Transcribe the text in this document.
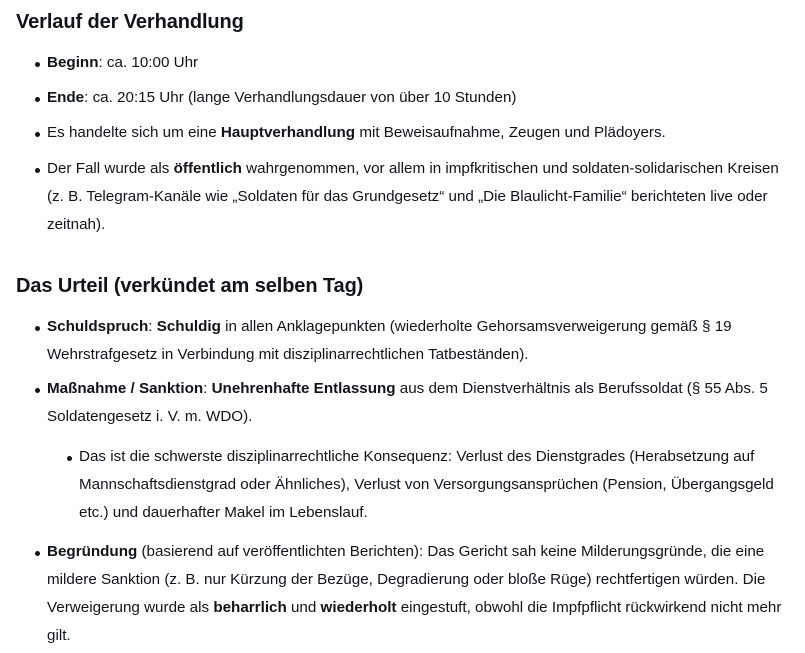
Verlauf der Verhandlung
Beginn: ca. 10:00 Uhr
Ende: ca. 20:15 Uhr (lange Verhandlungsdauer von über 10 Stunden)
Es handelte sich um eine Hauptverhandlung mit Beweisaufnahme, Zeugen und Plädoyers.
Der Fall wurde als öffentlich wahrgenommen, vor allem in impfkritischen und soldaten-solidarischen Kreisen (z. B. Telegram-Kanäle wie „Soldaten für das Grundgesetz“ und „Die Blaulicht-Familie“ berichteten live oder zeitnah).
Das Urteil (verkündet am selben Tag)
Schuldspruch: Schuldig in allen Anklagepunkten (wiederholte Gehorsamsverweigerung gemäß § 19 Wehrstrafgesetz in Verbindung mit disziplinarrechtlichen Tatbeständen).
Maßnahme / Sanktion: Unehrenhafte Entlassung aus dem Dienstverhältnis als Berufssoldat (§ 55 Abs. 5 Soldatengesetz i. V. m. WDO).
Das ist die schwerste disziplinarrechtliche Konsequenz: Verlust des Dienstgrades (Herabsetzung auf Mannschaftsdienstgrad oder Ähnliches), Verlust von Versorgungsansprüchen (Pension, Übergangsgeld etc.) und dauerhafter Makel im Lebenslauf.
Begründung (basierend auf veröffentlichten Berichten): Das Gericht sah keine Milderungsgründe, die eine mildere Sanktion (z. B. nur Kürzung der Bezüge, Degradierung oder bloße Rüge) rechtfertigen würden. Die Verweigerung wurde als beharrlich und wiederholt eingestuft, obwohl die Impfpflicht rückwirkend nicht mehr gilt.
